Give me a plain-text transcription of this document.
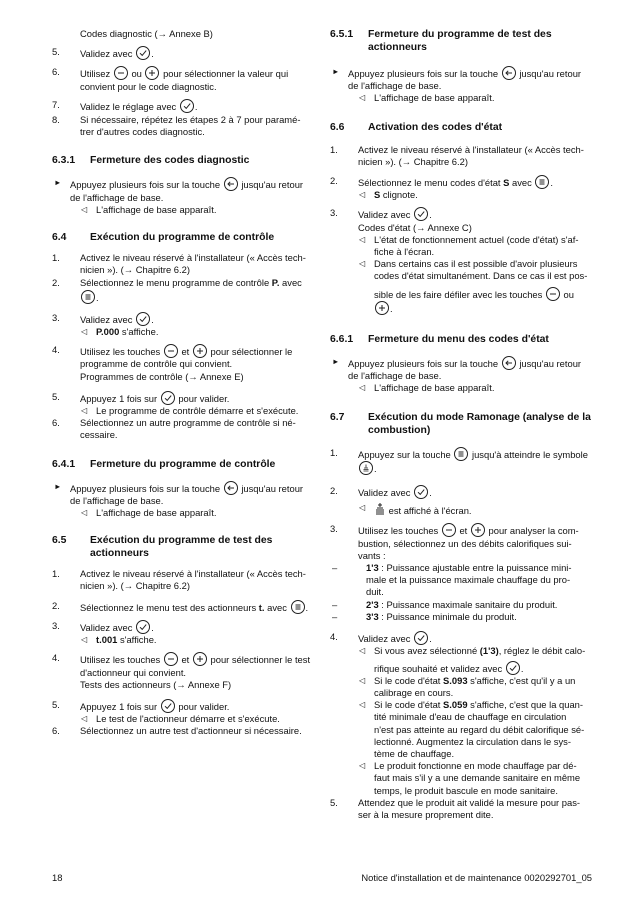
Codes diagnostic (→ Annexe B)
5. Validez avec .
6. Utilisez ou pour sélectionner la valeur qui
convient pour le code diagnostic.
7. Validez le réglage avec .
8. Si nécessaire, répétez les étapes 2 à 7 pour paramé-
trer d'autres codes diagnostic.
6.3.1 Fermeture des codes diagnostic
► Appuyez plusieurs fois sur la touche jusqu'au retour
de l'affichage de base.
◁ L'affichage de base apparaît.
6.4 Exécution du programme de contrôle
1. Activez le niveau réservé à l'installateur (« Accès tech-
nicien »). (→ Chapitre 6.2)
2. Sélectionnez le menu programme de contrôle P. avec

.
3. Validez avec .
◁ P.000 s'affiche.
4. Utilisez les touches et pour sélectionner le
programme de contrôle qui convient.
Programmes de contrôle (→ Annexe E)
5. Appuyez 1 fois sur pour valider.
◁ Le programme de contrôle démarre et s'exécute.
6. Sélectionnez un autre programme de contrôle si né-
cessaire.
6.4.1 Fermeture du programme de contrôle
► Appuyez plusieurs fois sur la touche jusqu'au retour
de l'affichage de base.
◁ L'affichage de base apparaît.
6.5 Exécution du programme de test des
actionneurs
1. Activez le niveau réservé à l'installateur (« Accès tech-
nicien »). (→ Chapitre 6.2)
2. Sélectionnez le menu test des actionneurs t. avec .
3. Validez avec .
◁ t.001 s'affiche.
4. Utilisez les touches et pour sélectionner le test
d'actionneur qui convient.
Tests des actionneurs (→ Annexe F)
5. Appuyez 1 fois sur pour valider.
◁ Le test de l'actionneur démarre et s'exécute.
6. Sélectionnez un autre test d'actionneur si nécessaire.
6.5.1 Fermeture du programme de test des
actionneurs
► Appuyez plusieurs fois sur la touche jusqu'au retour
de l'affichage de base.
◁ L'affichage de base apparaît.
6.6 Activation des codes d'état
1. Activez le niveau réservé à l'installateur (« Accès tech-
nicien »). (→ Chapitre 6.2)
2. Sélectionnez le menu codes d'état S avec .
◁ S clignote.
3. Validez avec .
Codes d'état (→ Annexe C)
◁ L'état de fonctionnement actuel (code d'état) s'af-
fiche à l'écran.
◁ Dans certains cas il est possible d'avoir plusieurs
codes d'état simultanément. Dans ce cas il est pos-
sible de les faire défiler avec les touches ou

.
6.6.1 Fermeture du menu des codes d'état
► Appuyez plusieurs fois sur la touche jusqu'au retour
de l'affichage de base.
◁ L'affichage de base apparaît.
6.7 Exécution du mode Ramonage (analyse de la
combustion)
1. Appuyez sur la touche jusqu'à atteindre le symbole

.
2. Validez avec .
◁ est affiché à l'écran.
3. Utilisez les touches et pour analyser la com-
bustion, sélectionnez un des débits calorifiques sui-
vants :
–	1'3 : Puissance ajustable entre la puissance mini-
male et la puissance maximale chauffage du pro-
duit.
–	2'3 : Puissance maximale sanitaire du produit.
–	3'3 : Puissance minimale du produit.
4. Validez avec .
◁ Si vous avez sélectionné (1'3), réglez le débit calo-
rifique souhaité et validez avec .
◁ Si le code d'état S.093 s'affiche, c'est qu'il y a un
calibrage en cours.
◁ Si le code d'état S.059 s'affiche, c'est que la quan-
tité minimale d'eau de chauffage en circulation
n'est pas atteinte au regard du débit calorifique sé-
lectionné. Augmentez la circulation dans le sys-
tème de chauffage.
◁ Le produit fonctionne en mode chauffage par dé-
faut mais s'il y a une demande sanitaire en même
temps, le produit bascule en mode sanitaire.
5. Attendez que le produit ait validé la mesure pour pas-
ser à la mesure proprement dite.
18	Notice d'installation et de maintenance 0020292701_05
